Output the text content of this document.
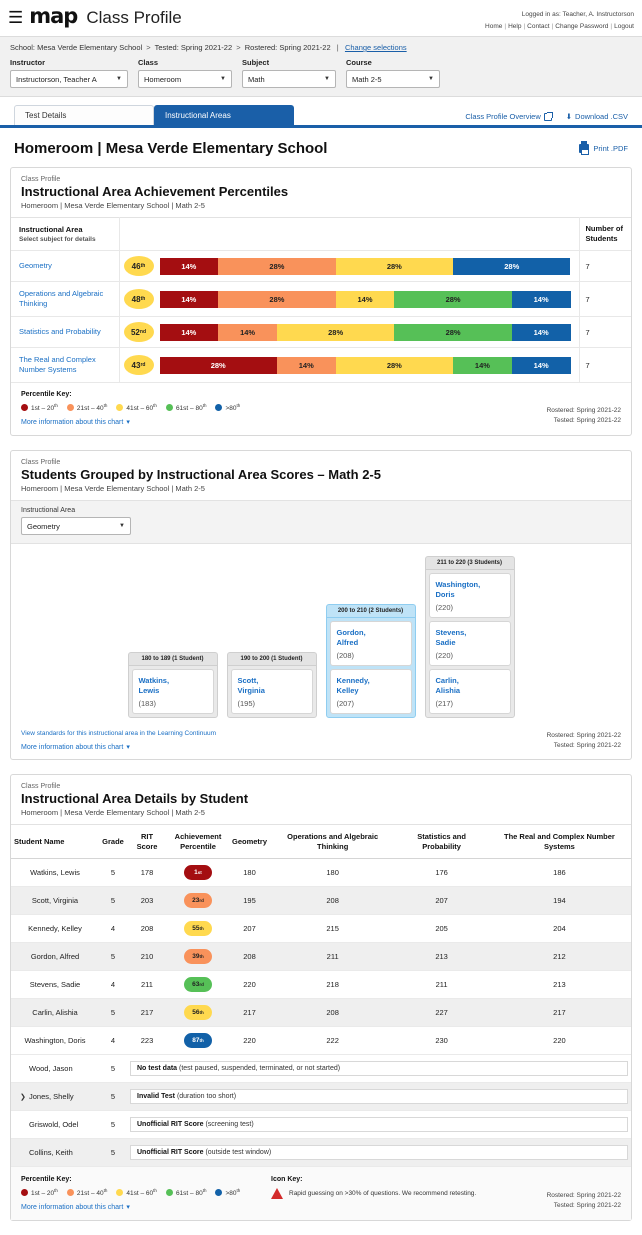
☰ map Class Profile	Logged in as: Teacher, A. Instructorson
Home | Help | Contact | Change Password | Logout
School: Mesa Verde Elementary School > Tested: Spring 2021-22 > Rostered: Spring 2021-22  |  Change selections
Instructor
Instructorson, Teacher A	▼
Class
Homeroom	▼
Subject
Math	▼
Course
Math 2-5	▼
Test Details	Instructional Areas	Class Profile Overview	⬇ Download .CSV
Homeroom | Mesa Verde Elementary School	Print .PDF
Class Profile
Instructional Area Achievement Percentiles
Homeroom | Mesa Verde Elementary School | Math 2-5
Instructional Area
Select subject for details		Number of Students

Geometry	46 th	14%	28%	28%	28%	7

Operations and Algebraic Thinking	48 th	14%	28%	14%	28%	14%	7

Statistics and Probability	52 nd	14%	14%	28%	28%	14%	7

The Real and Complex Number Systems	43 rd	28%	14%	28%	14%	14%	7
Percentile Key:
1st – 20th	21st – 40th	41st – 60th	61st – 80th	>80th
More information about this chart ▾
Rostered: Spring 2021-22
Tested: Spring 2021-22
Class Profile
Students Grouped by Instructional Area Scores – Math 2-5
Homeroom | Mesa Verde Elementary School | Math 2-5
Instructional Area
Geometry	▼
180 to 189 (1 Student)
Watkins,
Lewis
(183)
190 to 200 (1 Student)
Scott,
Virginia
(195)
200 to 210 (2 Students)
Gordon,
Alfred
(208)
Kennedy,
Kelley
(207)
211 to 220 (3 Students)
Washington,
Doris
(220)
Stevens,
Sadie
(220)
Carlin,
Alishia
(217)
View standards for this instructional area in the Learning Continuum
More information about this chart ▾
Rostered: Spring 2021-22
Tested: Spring 2021-22
Class Profile
Instructional Area Details by Student
Homeroom | Mesa Verde Elementary School | Math 2-5
Student Name	Grade	RIT Score	Achievement Percentile	Geometry	Operations and Algebraic Thinking	Statistics and Probability	The Real and Complex Number Systems
Watkins, Lewis	5	178	1 st	180	180	176	186
Scott, Virginia	5	203	23 rd	195	208	207	194
Kennedy, Kelley	4	208	55 th	207	215	205	204
Gordon, Alfred	5	210	39 th	208	211	213	212
Stevens, Sadie	4	211	63 rd	220	218	211	213
Carlin, Alishia	5	217	56 th	217	208	227	217
Washington, Doris	4	223	87 th	220	222	230	220
Wood, Jason	5	No test data (test paused, suspended, terminated, or not started)					

❯ Jones, Shelly	5	Invalid Test (duration too short)					

Griswold, Odel	5	Unofficial RIT Score (screening test)					

Collins, Keith	5	Unofficial RIT Score (outside test window)					
Percentile Key:
1st – 20th	21st – 40th	41st – 60th	61st – 80th	>80th
More information about this chart ▾
Icon Key:
Rapid guessing on >30% of questions. We recommend retesting.	Rostered: Spring 2021-22
Tested: Spring 2021-22
